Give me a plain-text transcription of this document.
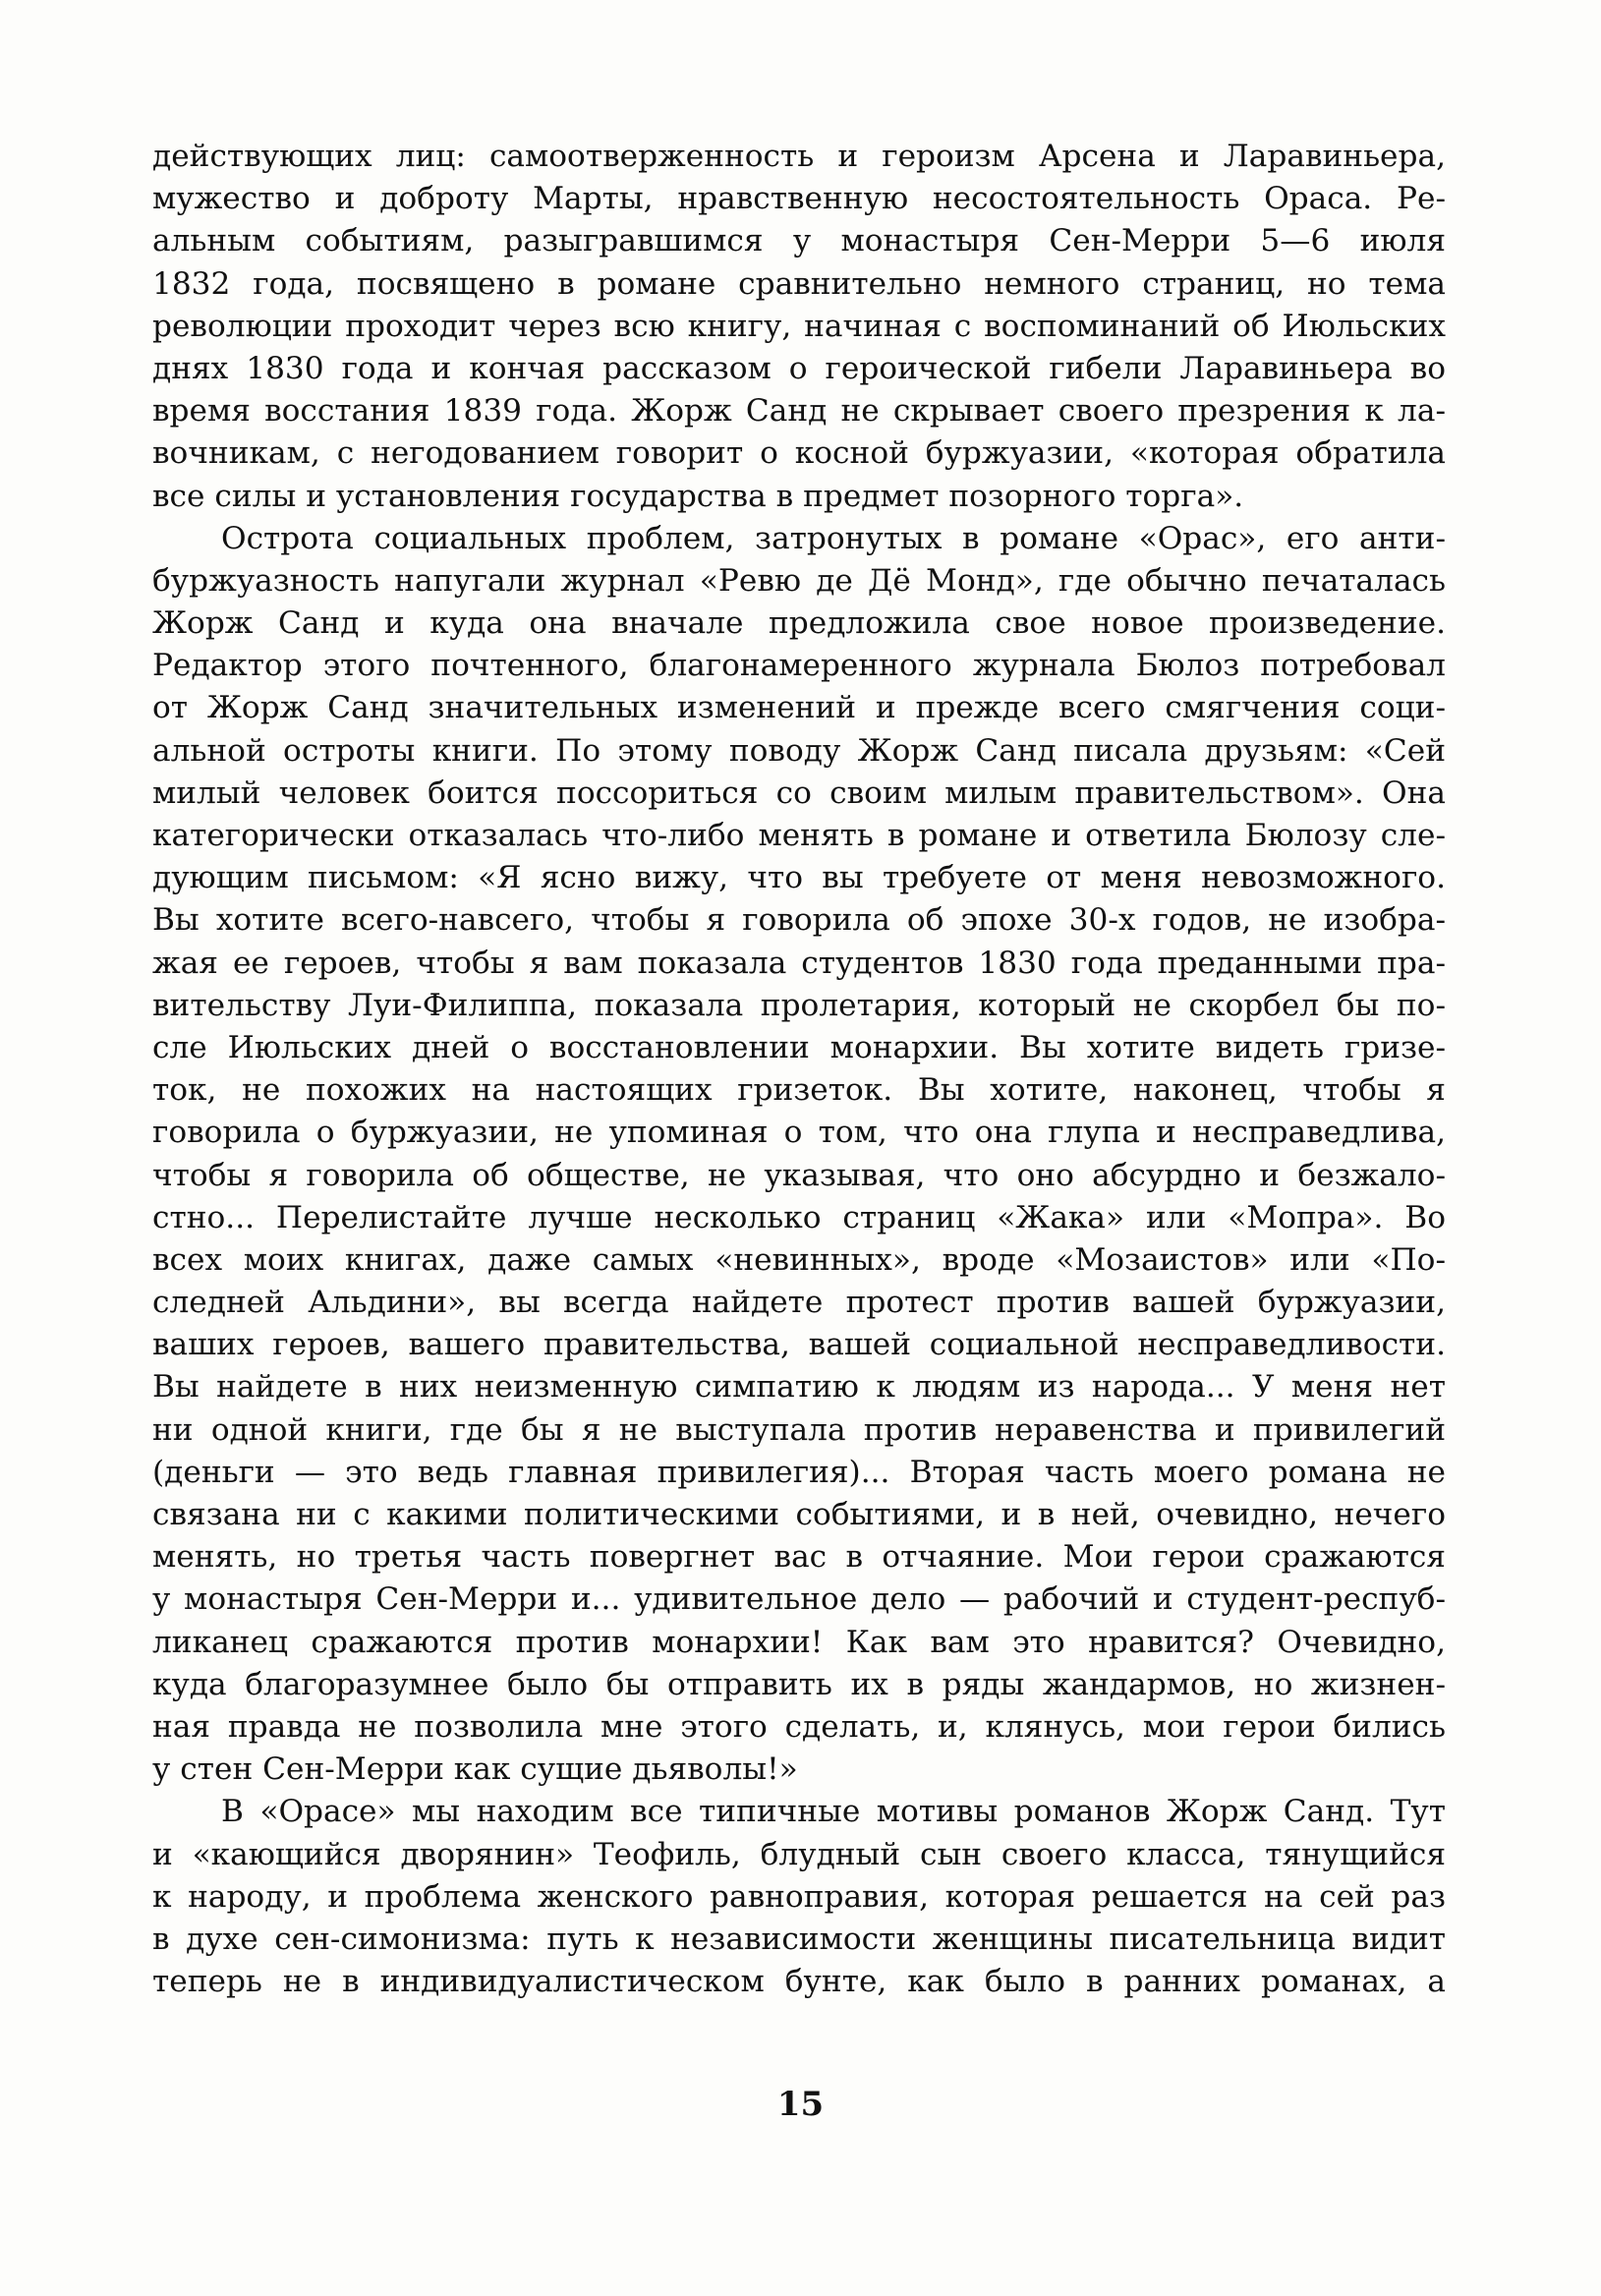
действующих лиц: самоотверженность и героизм Арсена и Ларавиньера,
мужество и доброту Марты, нравственную несостоятельность Ораса. Ре-
альным событиям, разыгравшимся у монастыря Сен-Мерри 5—6 июля
1832 года, посвящено в романе сравнительно немного страниц, но тема
революции проходит через всю книгу, начиная с воспоминаний об Июльских
днях 1830 года и кончая рассказом о героической гибели Ларавиньера во
время восстания 1839 года. Жорж Санд не скрывает своего презрения к ла-
вочникам, с негодованием говорит о косной буржуазии, «которая обратила
все силы и установления государства в предмет позорного торга».
Острота социальных проблем, затронутых в романе «Орас», его анти-
буржуазность напугали журнал «Ревю де Дё Монд», где обычно печаталась
Жорж Санд и куда она вначале предложила свое новое произведение.
Редактор этого почтенного, благонамеренного журнала Бюлоз потребовал
от Жорж Санд значительных изменений и прежде всего смягчения соци-
альной остроты книги. По этому поводу Жорж Санд писала друзьям: «Сей
милый человек боится поссориться со своим милым правительством». Она
категорически отказалась что-либо менять в романе и ответила Бюлозу сле-
дующим письмом: «Я ясно вижу, что вы требуете от меня невозможного.
Вы хотите всего-навсего, чтобы я говорила об эпохе 30-х годов, не изобра-
жая ее героев, чтобы я вам показала студентов 1830 года преданными пра-
вительству Луи-Филиппа, показала пролетария, который не скорбел бы по-
сле Июльских дней о восстановлении монархии. Вы хотите видеть гризе-
ток, не похожих на настоящих гризеток. Вы хотите, наконец, чтобы я
говорила о буржуазии, не упоминая о том, что она глупа и несправедлива,
чтобы я говорила об обществе, не указывая, что оно абсурдно и безжало-
стно... Перелистайте лучше несколько страниц «Жака» или «Мопра». Во
всех моих книгах, даже самых «невинных», вроде «Мозаистов» или «По-
следней Альдини», вы всегда найдете протест против вашей буржуазии,
ваших героев, вашего правительства, вашей социальной несправедливости.
Вы найдете в них неизменную симпатию к людям из народа... У меня нет
ни одной книги, где бы я не выступала против неравенства и привилегий
(деньги — это ведь главная привилегия)... Вторая часть моего романа не
связана ни с какими политическими событиями, и в ней, очевидно, нечего
менять, но третья часть повергнет вас в отчаяние. Мои герои сражаются
у монастыря Сен-Мерри и... удивительное дело — рабочий и студент-респуб-
ликанец сражаются против монархии! Как вам это нравится? Очевидно,
куда благоразумнее было бы отправить их в ряды жандармов, но жизнен-
ная правда не позволила мне этого сделать, и, клянусь, мои герои бились
у стен Сен-Мерри как сущие дьяволы!»
В «Орасе» мы находим все типичные мотивы романов Жорж Санд. Тут
и «кающийся дворянин» Теофиль, блудный сын своего класса, тянущийся
к народу, и проблема женского равноправия, которая решается на сей раз
в духе сен-симонизма: путь к независимости женщины писательница видит
теперь не в индивидуалистическом бунте, как было в ранних романах, а
15
